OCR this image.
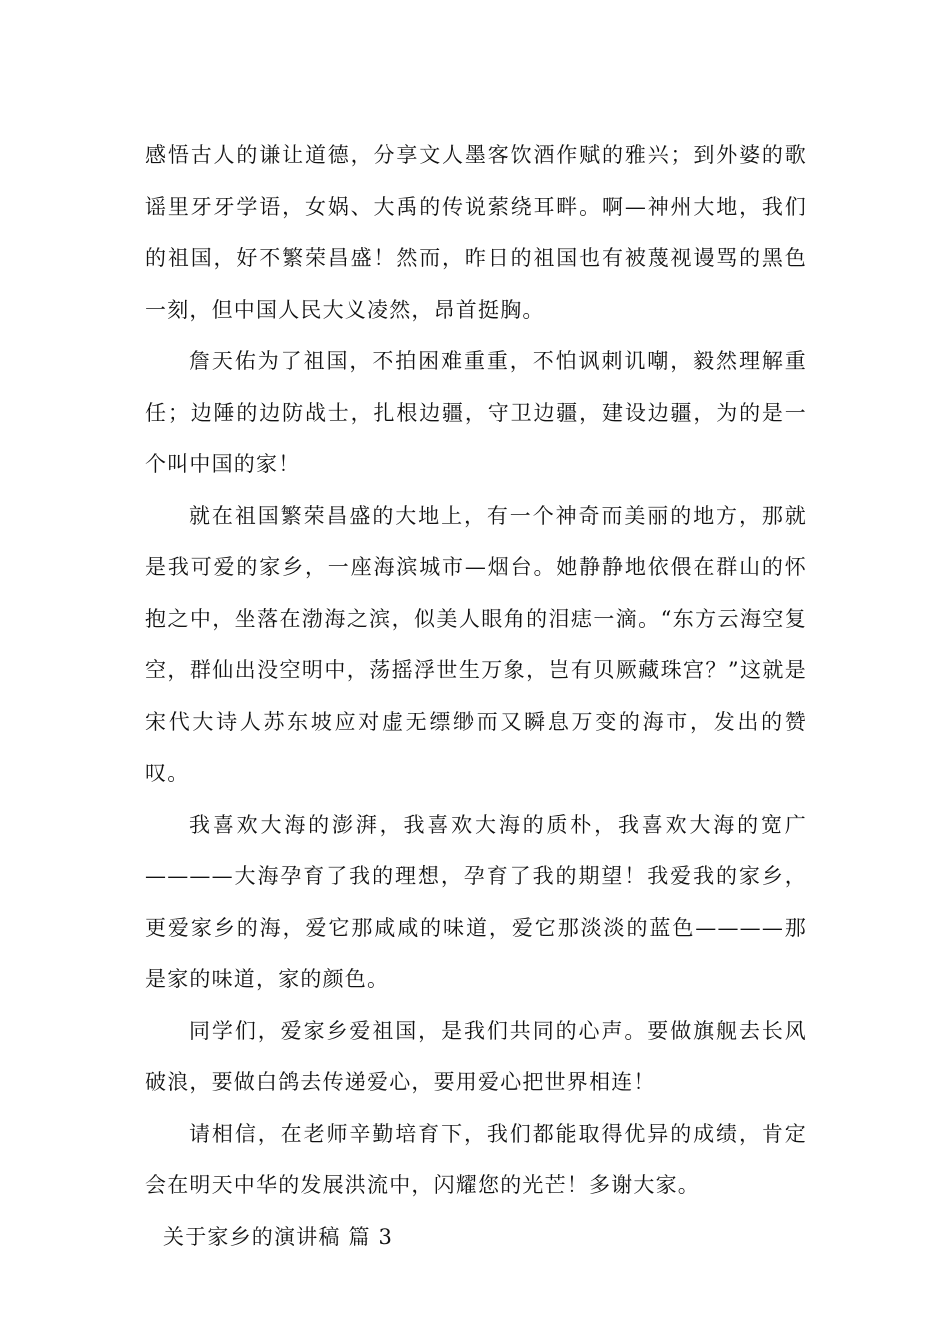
感悟古人的谦让道德，分享文人墨客饮酒作赋的雅兴；到外婆的歌谣里牙牙学语，女娲、大禹的传说萦绕耳畔。啊—神州大地，我们的祖国，好不繁荣昌盛！然而，昨日的祖国也有被蔑视谩骂的黑色一刻，但中国人民大义凌然，昂首挺胸。

詹天佑为了祖国，不拍困难重重，不怕讽刺讥嘲，毅然理解重任；边陲的边防战士，扎根边疆，守卫边疆，建设边疆，为的是一个叫中国的家！

就在祖国繁荣昌盛的大地上，有一个神奇而美丽的地方，那就是我可爱的家乡，一座海滨城市—烟台。她静静地依偎在群山的怀抱之中，坐落在渤海之滨，似美人眼角的泪痣一滴。“东方云海空复空，群仙出没空明中，荡摇浮世生万象，岂有贝厥藏珠宫？”这就是宋代大诗人苏东坡应对虚无缥缈而又瞬息万变的海市，发出的赞叹。

我喜欢大海的澎湃，我喜欢大海的质朴，我喜欢大海的宽广————大海孕育了我的理想，孕育了我的期望！我爱我的家乡，更爱家乡的海，爱它那咸咸的味道，爱它那淡淡的蓝色————那是家的味道，家的颜色。

同学们，爱家乡爱祖国，是我们共同的心声。要做旗舰去长风破浪，要做白鸽去传递爱心，要用爱心把世界相连！

请相信，在老师辛勤培育下，我们都能取得优异的成绩，肯定会在明天中华的发展洪流中，闪耀您的光芒！多谢大家。

关于家乡的演讲稿 篇 3
